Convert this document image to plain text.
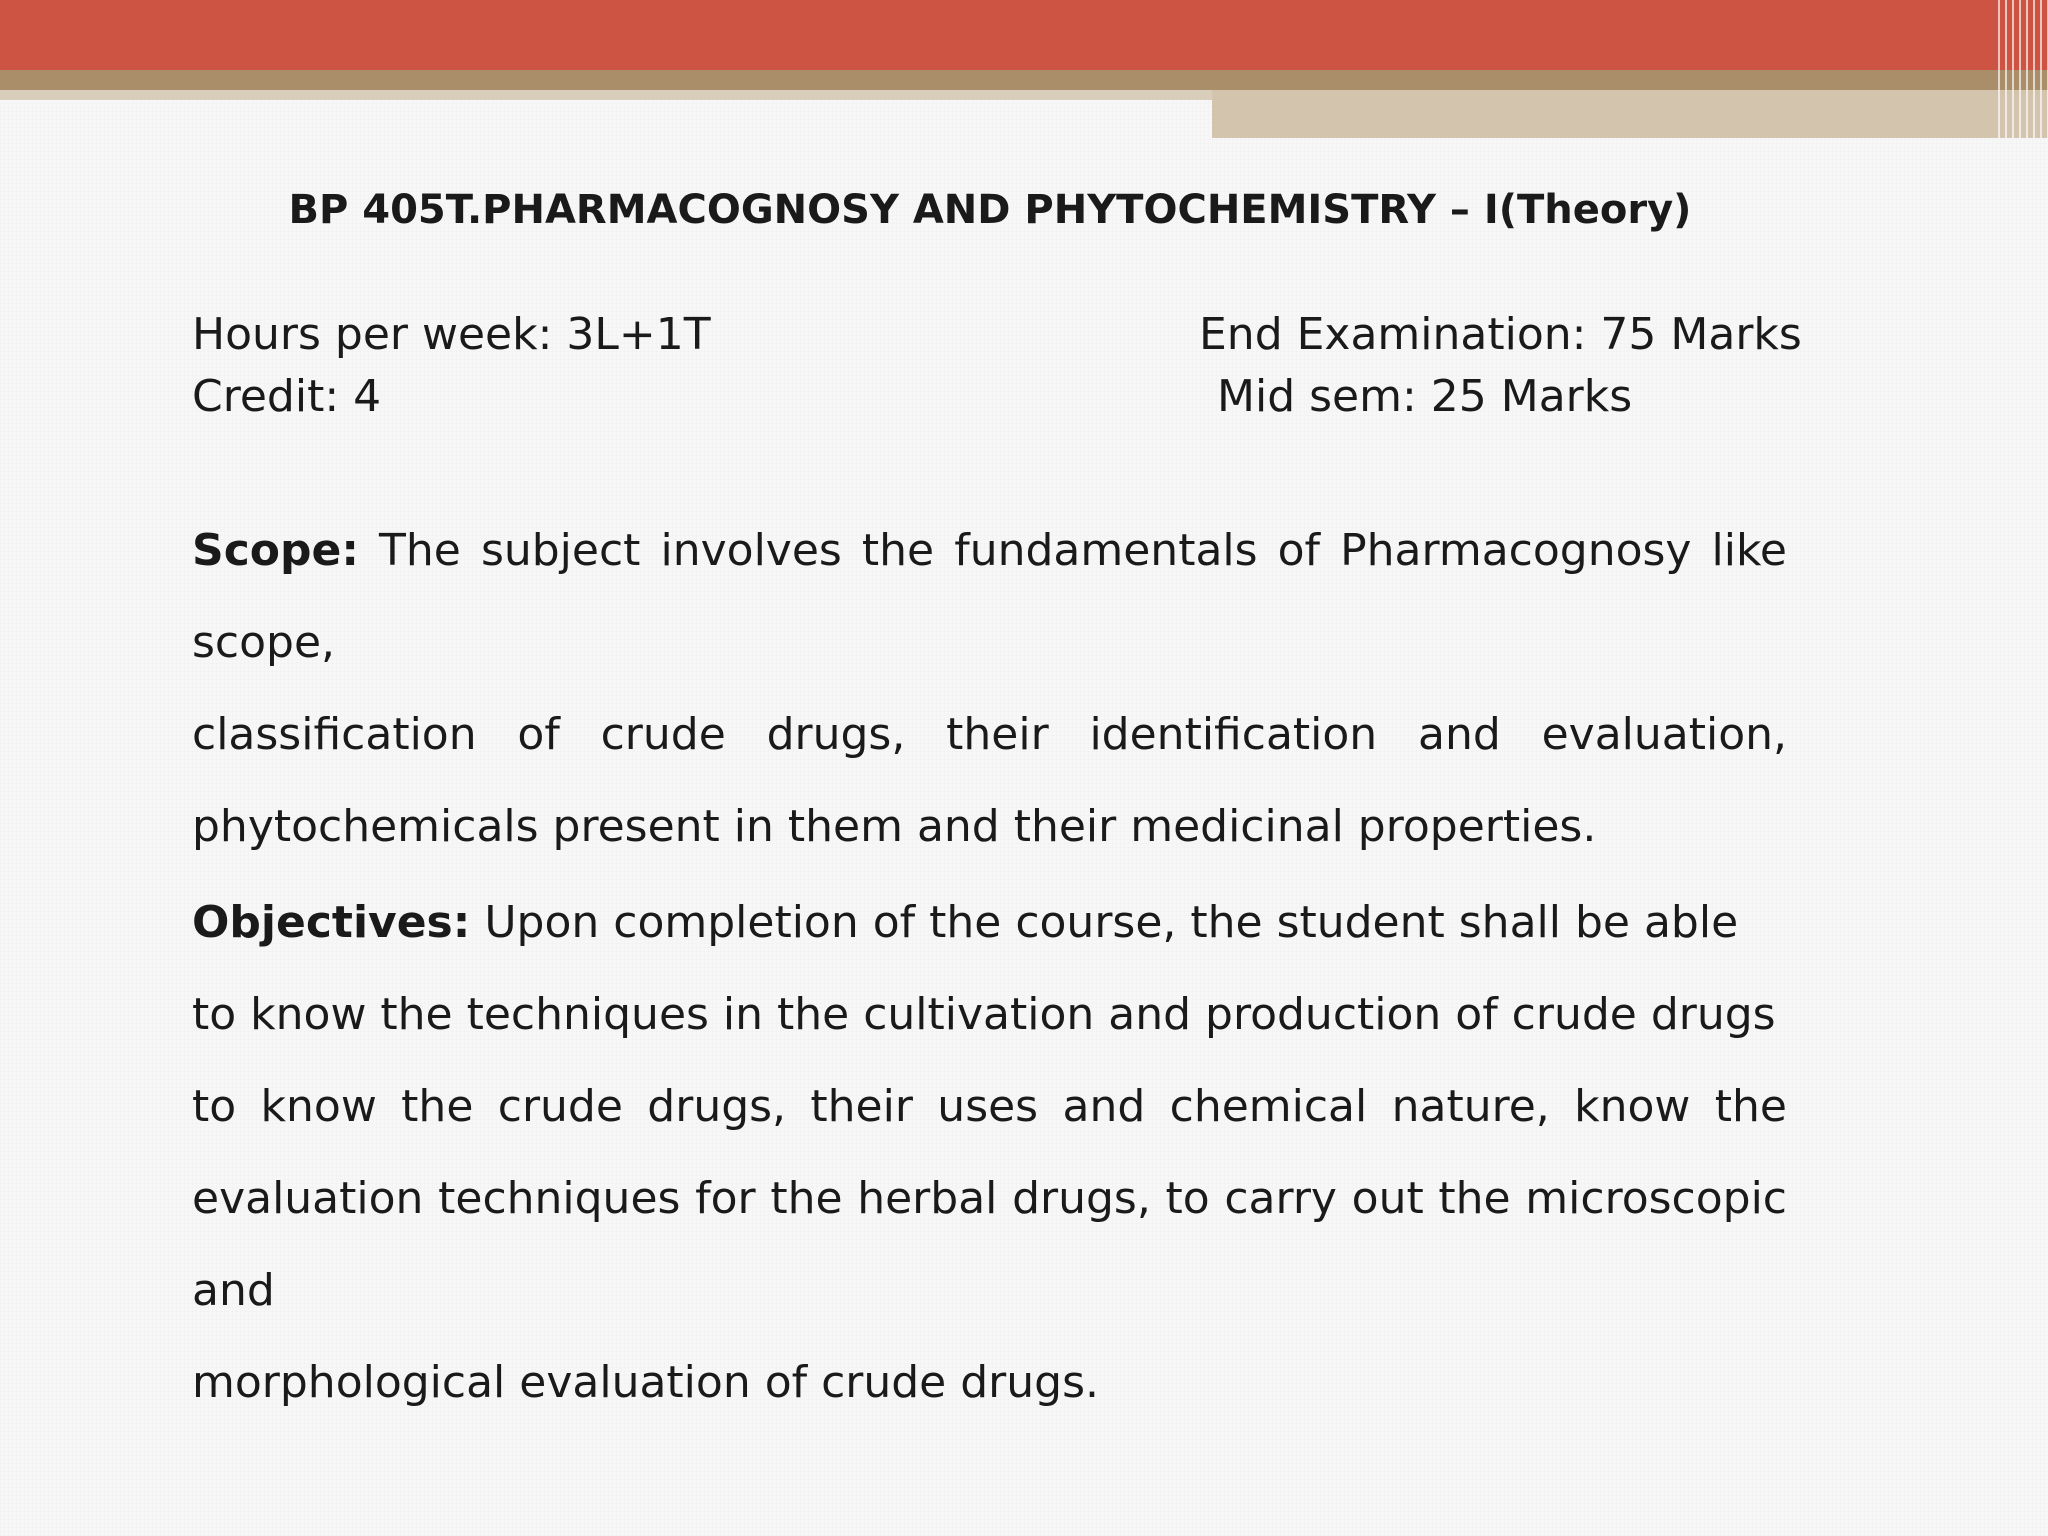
BP 405T.PHARMACOGNOSY AND PHYTOCHEMISTRY – I(Theory)
Hours per week: 3L+1T
Credit: 4
End Examination: 75 Marks
Mid sem: 25 Marks
Scope: The subject involves the fundamentals of Pharmacognosy like scope,
classification of crude drugs, their identification and evaluation,
phytochemicals present in them and their medicinal properties.
Objectives: Upon completion of the course, the student shall be able
to know the techniques in the cultivation and production of crude drugs
to know the crude drugs, their uses and chemical nature, know the
evaluation techniques for the herbal drugs, to carry out the microscopic and
morphological evaluation of crude drugs.
